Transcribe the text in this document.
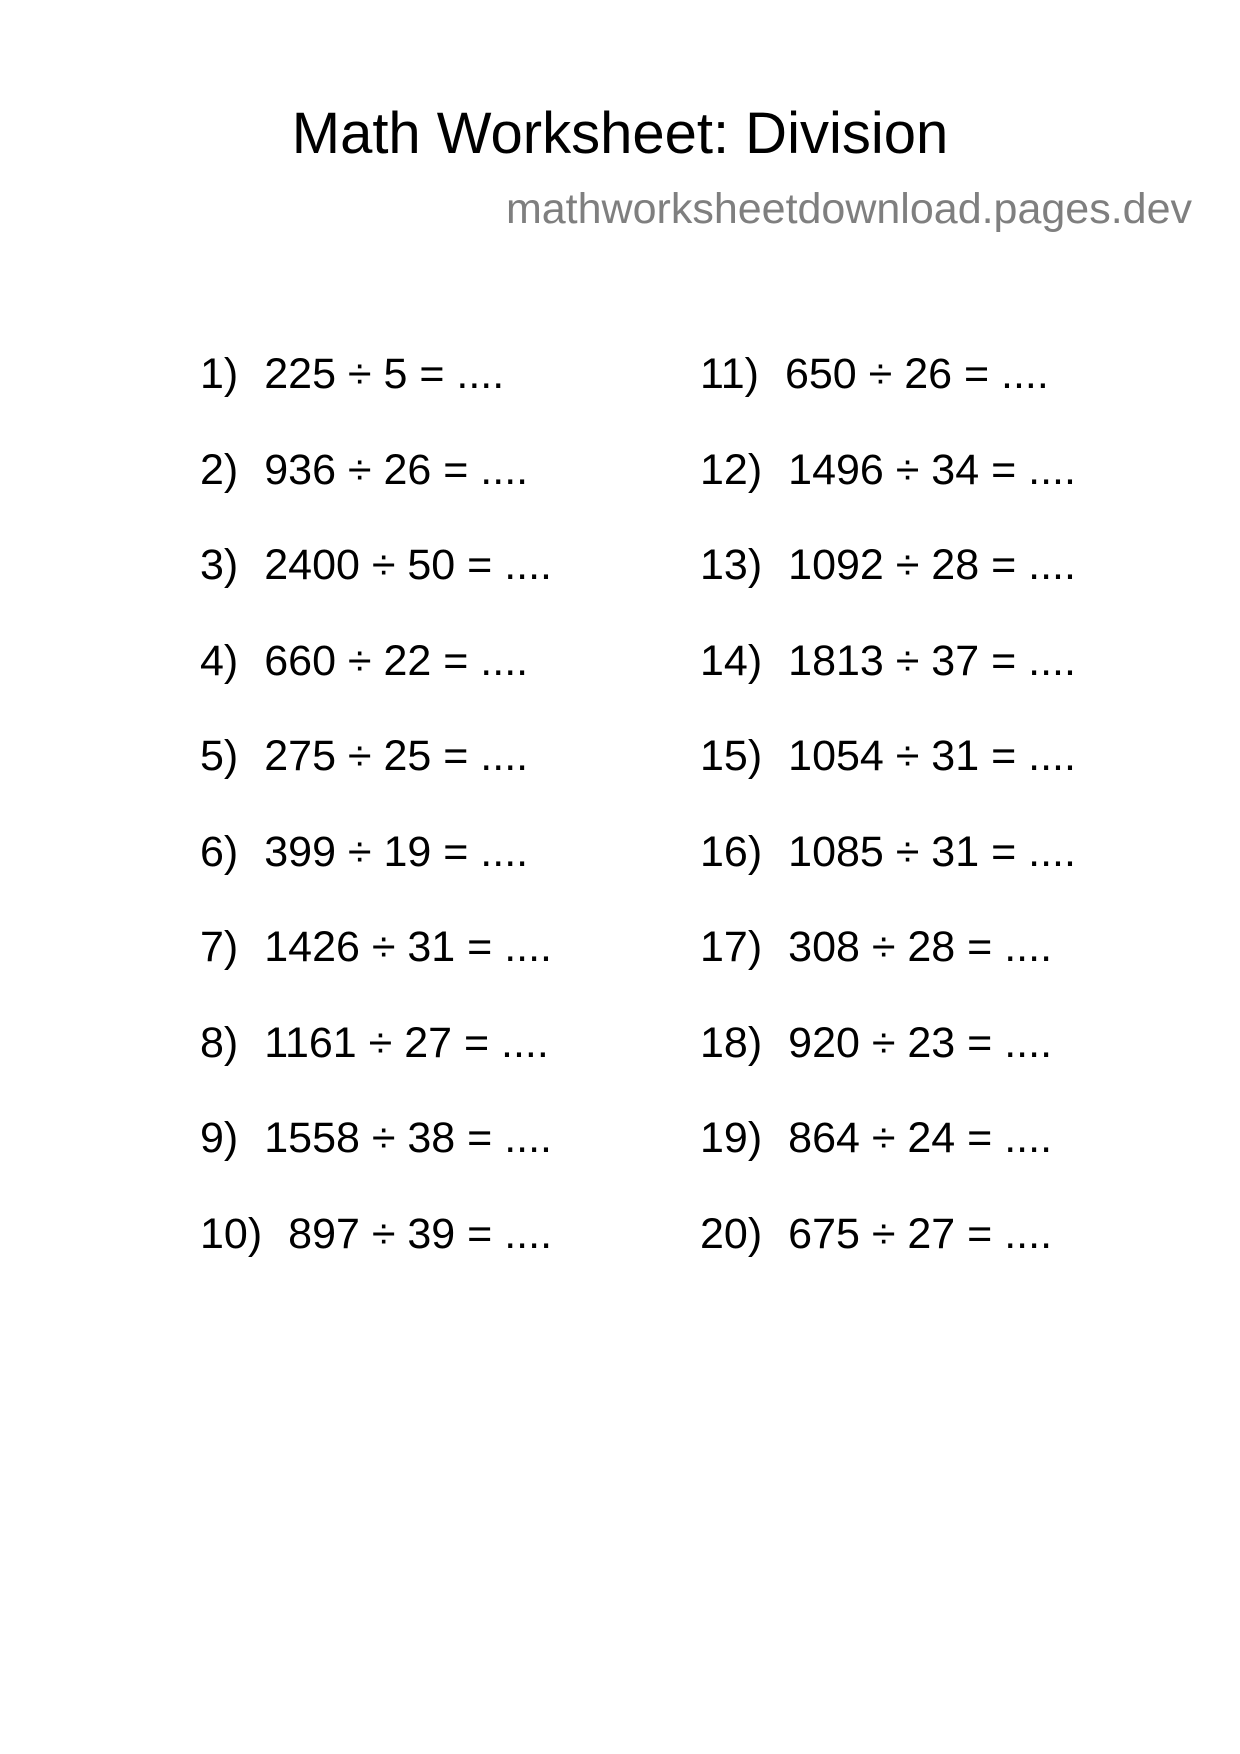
Math Worksheet: Division
mathworksheetdownload.pages.dev
1) 225 ÷ 5 = ....
2) 936 ÷ 26 = ....
3) 2400 ÷ 50 = ....
4) 660 ÷ 22 = ....
5) 275 ÷ 25 = ....
6) 399 ÷ 19 = ....
7) 1426 ÷ 31 = ....
8) 1161 ÷ 27 = ....
9) 1558 ÷ 38 = ....
10) 897 ÷ 39 = ....
11) 650 ÷ 26 = ....
12) 1496 ÷ 34 = ....
13) 1092 ÷ 28 = ....
14) 1813 ÷ 37 = ....
15) 1054 ÷ 31 = ....
16) 1085 ÷ 31 = ....
17) 308 ÷ 28 = ....
18) 920 ÷ 23 = ....
19) 864 ÷ 24 = ....
20) 675 ÷ 27 = ....
